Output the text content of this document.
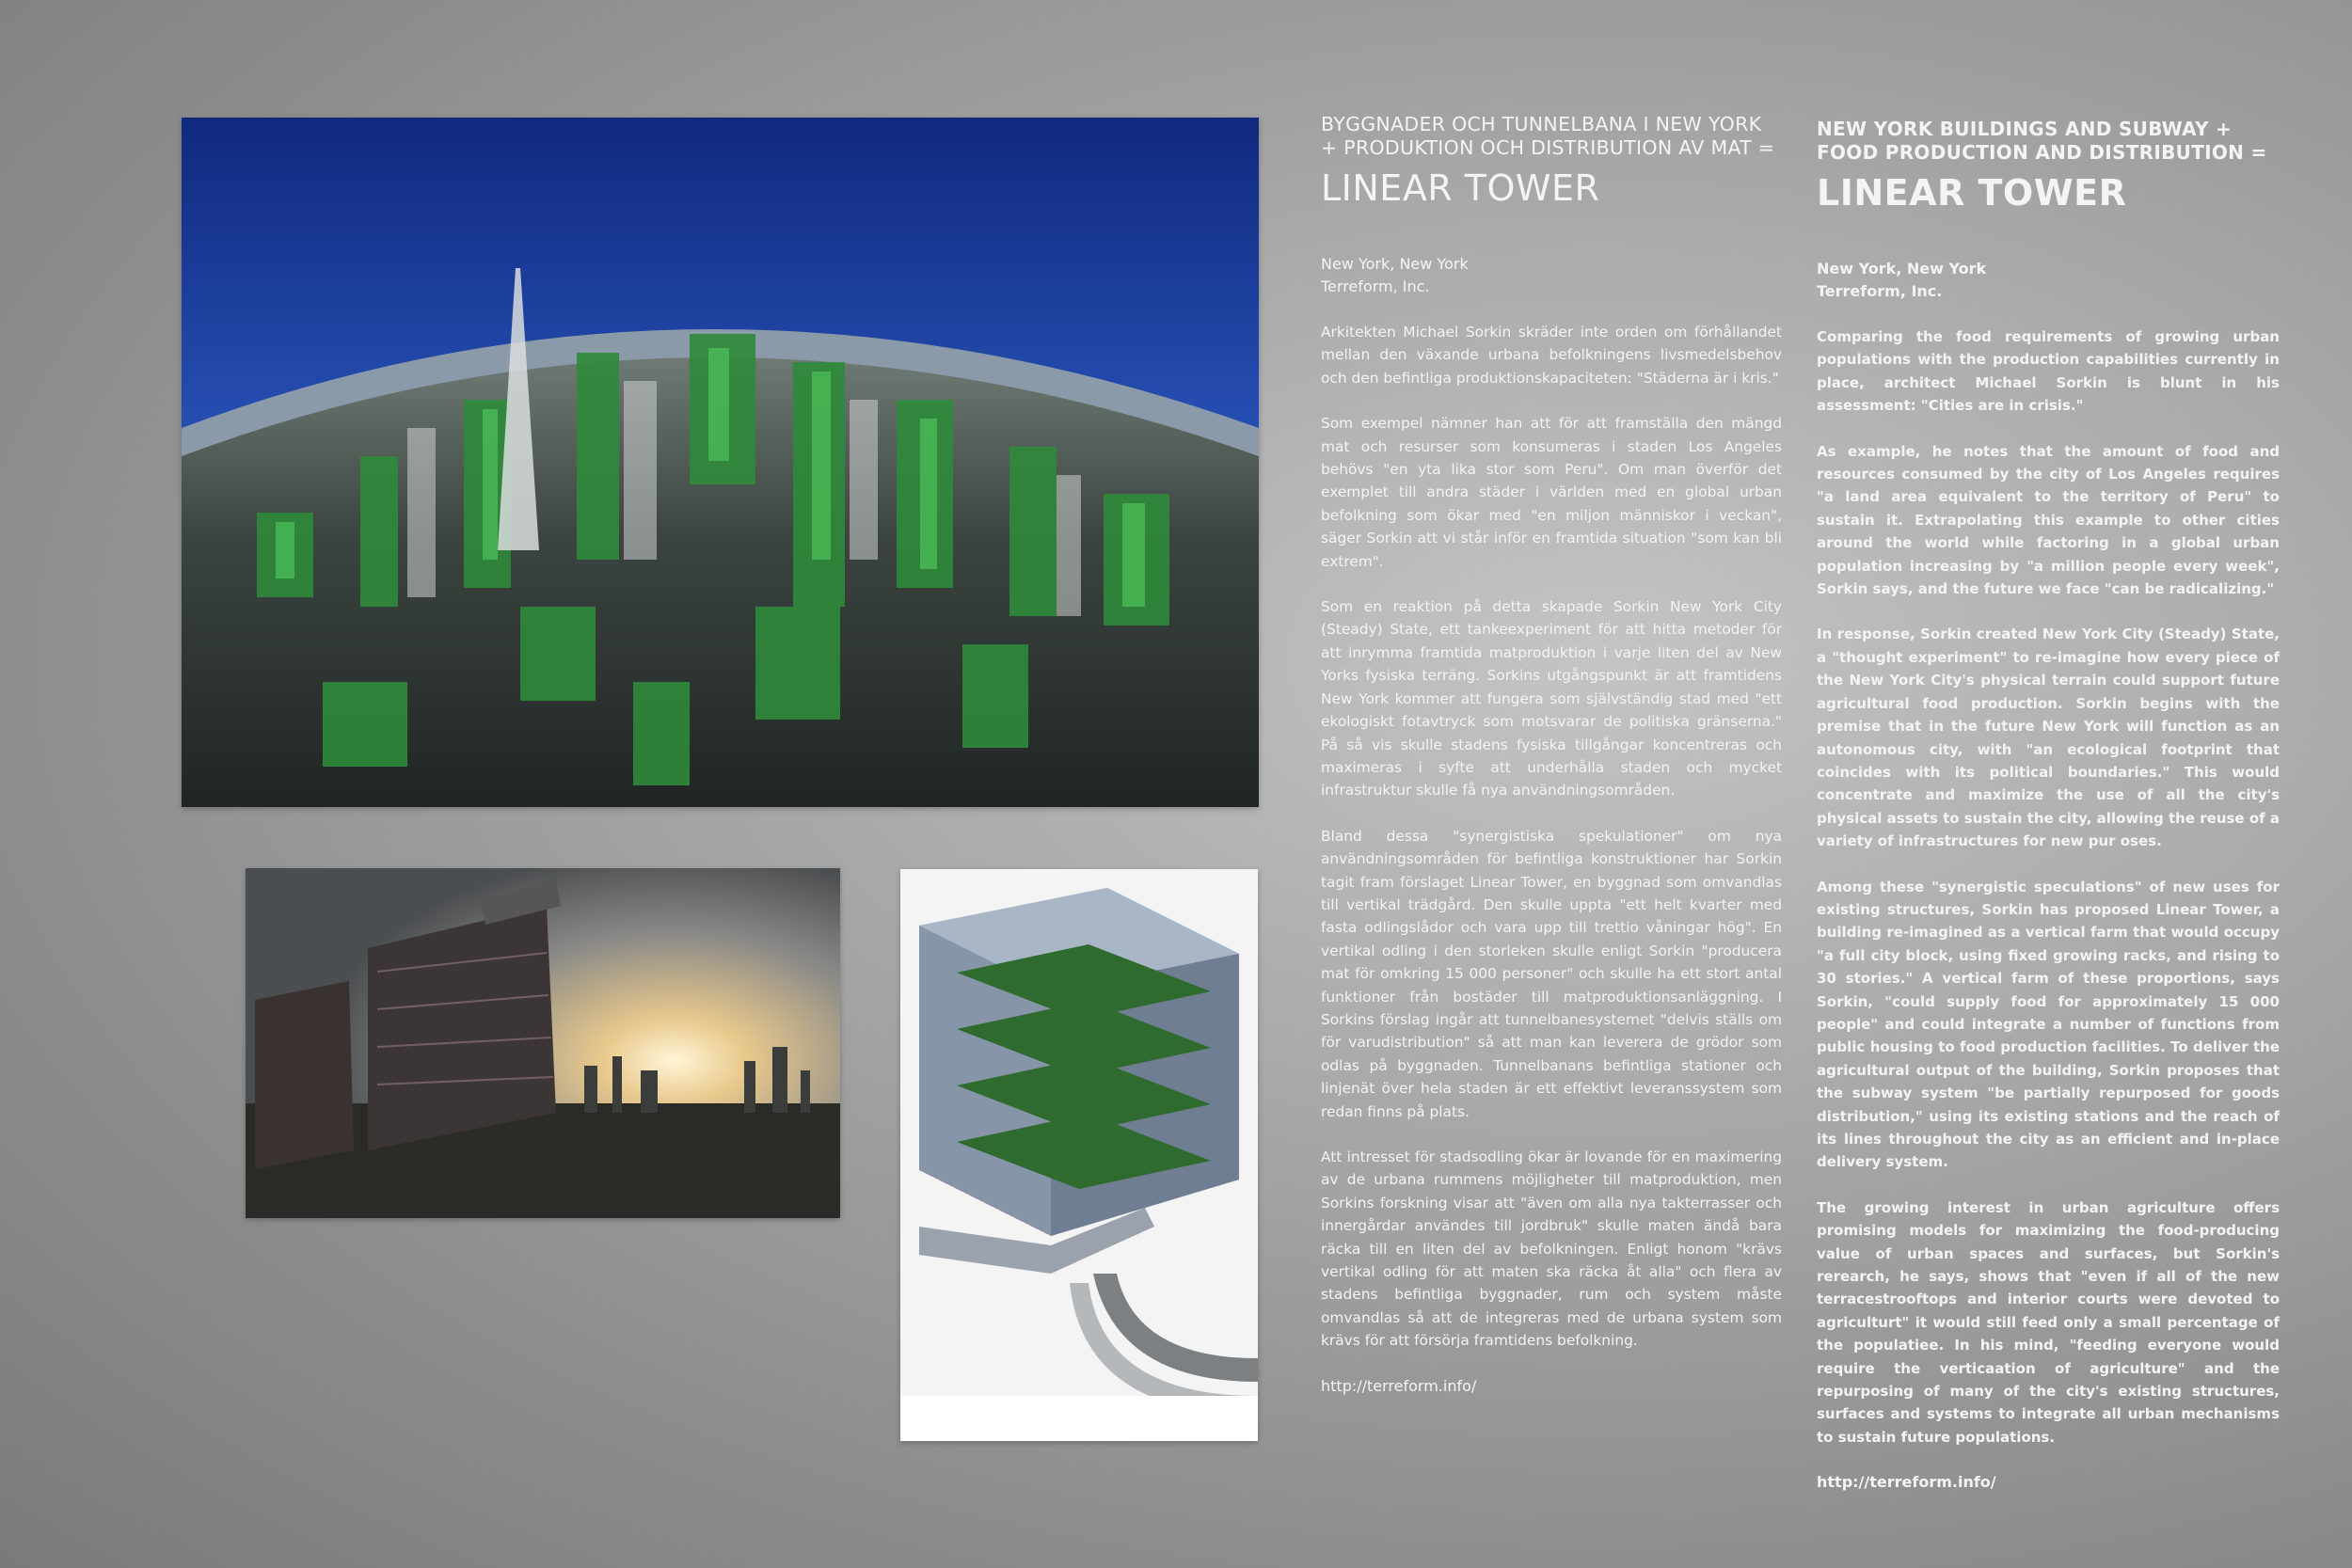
BYGGNADER OCH TUNNELBANA I NEW YORK + PRODUKTION OCH DISTRIBUTION AV MAT =

LINEAR TOWER

New York, New York
Terreform, Inc.

Arkitekten Michael Sorkin skräder inte orden om förhållandet mellan den växande urbana befolkningens livsmedelsbehov och den befintliga produktionskapaciteten: "Städerna är i kris."

Som exempel nämner han att för att framställa den mängd mat och resurser som konsumeras i staden Los Angeles behövs "en yta lika stor som Peru". Om man överför det exemplet till andra städer i världen med en global urban befolkning som ökar med "en miljon människor i veckan", säger Sorkin att vi står inför en framtida situation "som kan bli extrem".

Som en reaktion på detta skapade Sorkin New York City (Steady) State, ett tankeexperiment för att hitta metoder för att inrymma framtida matproduktion i varje liten del av New Yorks fysiska terräng. Sorkins utgångspunkt är att framtidens New York kommer att fungera som självständig stad med "ett ekologiskt fotavtryck som motsvarar de politiska gränserna." På så vis skulle stadens fysiska tillgångar koncentreras och maximeras i syfte att underhålla staden och mycket infrastruktur skulle få nya användningsområden.

Bland dessa "synergistiska spekulationer" om nya användningsområden för befintliga konstruktioner har Sorkin tagit fram förslaget Linear Tower, en byggnad som omvandlas till vertikal trädgård. Den skulle uppta "ett helt kvarter med fasta odlingslådor och vara upp till trettio våningar hög". En vertikal odling i den storleken skulle enligt Sorkin "producera mat för omkring 15 000 personer" och skulle ha ett stort antal funktioner från bostäder till matproduktionsanläggning. I Sorkins förslag ingår att tunnelbanesystemet "delvis ställs om för varudistribution" så att man kan leverera de grödor som odlas på byggnaden. Tunnelbanans befintliga stationer och linjenät över hela staden är ett effektivt leveranssystem som redan finns på plats.

Att intresset för stadsodling ökar är lovande för en maximering av de urbana rummens möjligheter till matproduktion, men Sorkins forskning visar att "även om alla nya takterrasser och innergårdar användes till jordbruk" skulle maten ändå bara räcka till en liten del av befolkningen. Enligt honom "krävs vertikal odling för att maten ska räcka åt alla" och flera av stadens befintliga byggnader, rum och system måste omvandlas så att de integreras med de urbana system som krävs för att försörja framtidens befolkning.

http://terreform.info/

NEW YORK BUILDINGS AND SUBWAY + FOOD PRODUCTION AND DISTRIBUTION =

LINEAR TOWER

New York, New York
Terreform, Inc.

Comparing the food requirements of growing urban populations with the production capabilities currently in place, architect Michael Sorkin is blunt in his assessment: "Cities are in crisis."

As example, he notes that the amount of food and resources consumed by the city of Los Angeles requires "a land area equivalent to the territory of Peru" to sustain it. Extrapolating this example to other cities around the world while factoring in a global urban population increasing by "a million people every week", Sorkin says, and the future we face "can be radicalizing."

In response, Sorkin created New York City (Steady) State, a "thought experiment" to re-imagine how every piece of the New York City's physical terrain could support future agricultural food production. Sorkin begins with the premise that in the future New York will function as an autonomous city, with "an ecological footprint that coincides with its political boundaries." This would concentrate and maximize the use of all the city's physical assets to sustain the city, allowing the reuse of a variety of infrastructures for new pur oses.

Among these "synergistic speculations" of new uses for existing structures, Sorkin has proposed Linear Tower, a building re-imagined as a vertical farm that would occupy "a full city block, using fixed growing racks, and rising to 30 stories." A vertical farm of these proportions, says Sorkin, "could supply food for approximately 15 000 people" and could integrate a number of functions from public housing to food production facilities. To deliver the agricultural output of the building, Sorkin proposes that the subway system "be partially repurposed for goods distribution," using its existing stations and the reach of its lines throughout the city as an efficient and in-place delivery system.

The growing interest in urban agriculture offers promising models for maximizing the food-producing value of urban spaces and surfaces, but Sorkin's rerearch, he says, shows that "even if all of the new terracestrooftops and interior courts were devoted to agriculturt" it would still feed only a small percentage of the populatiee. In his mind, "feeding everyone would require the verticaation of agriculture" and the repurposing of many of the city's existing structures, surfaces and systems to integrate all urban mechanisms to sustain future populations.

http://terreform.info/
